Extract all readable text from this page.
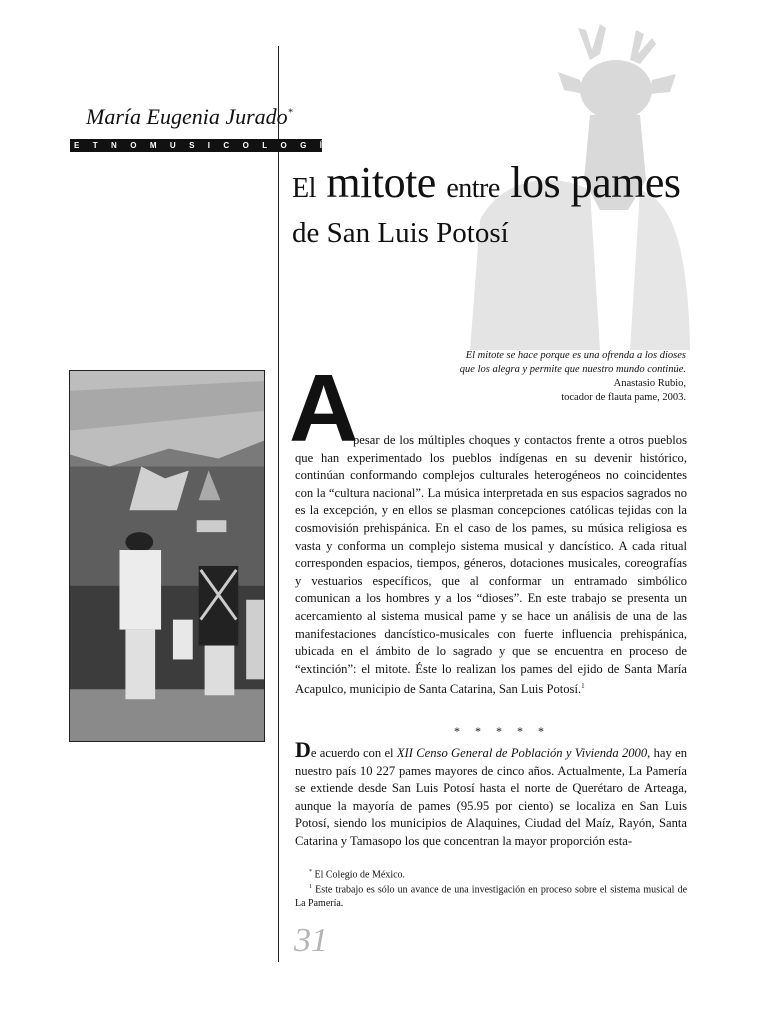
María Eugenia Jurado*
ETNOMUSICOLOGÍA
El mitote entre los pames
de San Luis Potosí
El mitote se hace porque es una ofrenda a los dioses
que los alegra y permite que nuestro mundo continúe.
Anastasio Rubio,
tocador de flauta pame, 2003.
A
pesar de los múltiples choques y contactos frente a otros pueblos que han experimentado los pueblos indígenas en su devenir histórico, continúan conformando complejos culturales heterogéneos no coincidentes con la “cultura nacional”. La música interpretada en sus espacios sagrados no es la excepción, y en ellos se plasman concepciones católicas tejidas con la cosmovisión prehispánica. En el caso de los pames, su música religiosa es vasta y conforma un complejo sistema musical y dancístico. A cada ritual corresponden espacios, tiempos, géneros, dotaciones musicales, coreografías y vestuarios específicos, que al conformar un entramado simbólico comunican a los hombres y a los “dioses”. En este trabajo se presenta un acercamiento al sistema musical pame y se hace un análisis de una de las manifestaciones dancístico-musicales con fuerte influencia prehispánica, ubicada en el ámbito de lo sagrado y que se encuentra en proceso de “extinción”: el mitote. Éste lo realizan los pames del ejido de Santa María Acapulco, municipio de Santa Catarina, San Luis Potosí.$^1$
* * * * *
De acuerdo con el XII Censo General de Población y Vivienda 2000, hay en nuestro país 10 227 pames mayores de cinco años. Actualmente, La Pamería se extiende desde San Luis Potosí hasta el norte de Querétaro de Arteaga, aunque la mayoría de pames (95.95 por ciento) se localiza en San Luis Potosí, siendo los municipios de Alaquines, Ciudad del Maíz, Rayón, Santa Catarina y Tamasopo los que concentran la mayor proporción esta-
* El Colegio de México.
$^1$ Este trabajo es sólo un avance de una investigación en proceso sobre el sistema musical de La Pamería.
31
